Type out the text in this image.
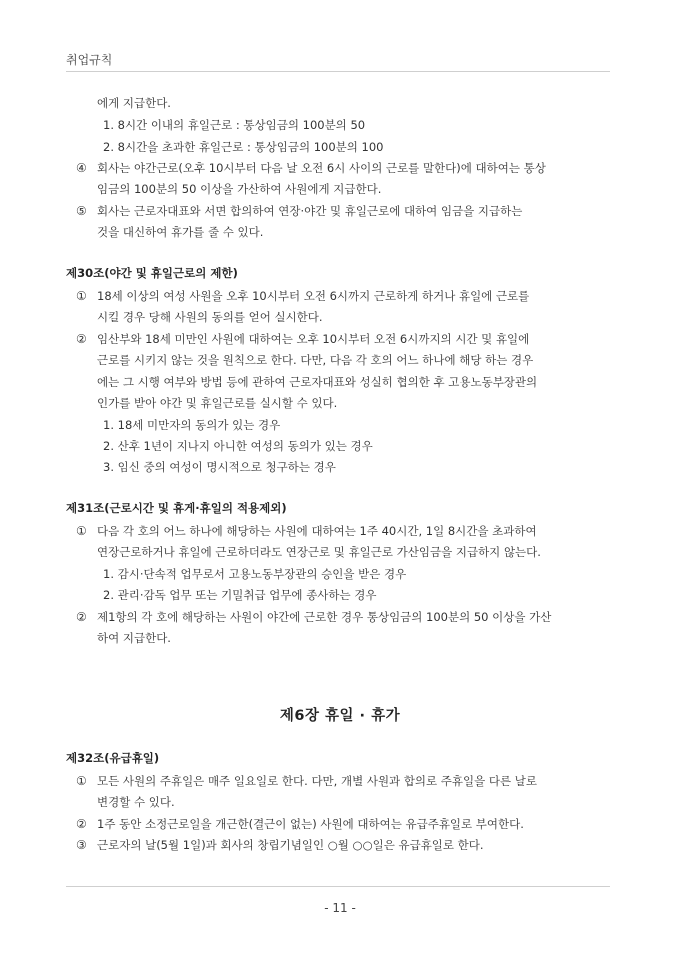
취업규칙
에게 지급한다.
1. 8시간 이내의 휴일근로 : 통상임금의 100분의 50
2. 8시간을 초과한 휴일근로 : 통상임금의 100분의 100
④ 회사는 야간근로(오후 10시부터 다음 날 오전 6시 사이의 근로를 말한다)에 대하여는 통상
임금의 100분의 50 이상을 가산하여 사원에게 지급한다.
⑤ 회사는 근로자대표와 서면 합의하여 연장·야간 및 휴일근로에 대하여 임금을 지급하는
것을 대신하여 휴가를 줄 수 있다.
제30조(야간 및 휴일근로의 제한)
① 18세 이상의 여성 사원을 오후 10시부터 오전 6시까지 근로하게 하거나 휴일에 근로를
시킬 경우 당해 사원의 동의를 얻어 실시한다.
② 임산부와 18세 미만인 사원에 대하여는 오후 10시부터 오전 6시까지의 시간 및 휴일에
근로를 시키지 않는 것을 원칙으로 한다. 다만, 다음 각 호의 어느 하나에 해당 하는 경우
에는 그 시행 여부와 방법 등에 관하여 근로자대표와 성실히 협의한 후 고용노동부장관의
인가를 받아 야간 및 휴일근로를 실시할 수 있다.
1. 18세 미만자의 동의가 있는 경우
2. 산후 1년이 지나지 아니한 여성의 동의가 있는 경우
3. 임신 중의 여성이 명시적으로 청구하는 경우
제31조(근로시간 및 휴게·휴일의 적용제외)
① 다음 각 호의 어느 하나에 해당하는 사원에 대하여는 1주 40시간, 1일 8시간을 초과하여
연장근로하거나 휴일에 근로하더라도 연장근로 및 휴일근로 가산임금을 지급하지 않는다.
1. 감시·단속적 업무로서 고용노동부장관의 승인을 받은 경우
2. 관리·감독 업무 또는 기밀취급 업무에 종사하는 경우
② 제1항의 각 호에 해당하는 사원이 야간에 근로한 경우 통상임금의 100분의 50 이상을 가산
하여 지급한다.
제6장 휴일 · 휴가
제32조(유급휴일)
① 모든 사원의 주휴일은 매주 일요일로 한다. 다만, 개별 사원과 합의로 주휴일을 다른 날로
변경할 수 있다.
② 1주 동안 소정근로일을 개근한(결근이 없는) 사원에 대하여는 유급주휴일로 부여한다.
③ 근로자의 날(5월 1일)과 회사의 창립기념일인 ○월 ○○일은 유급휴일로 한다.
- 11 -
